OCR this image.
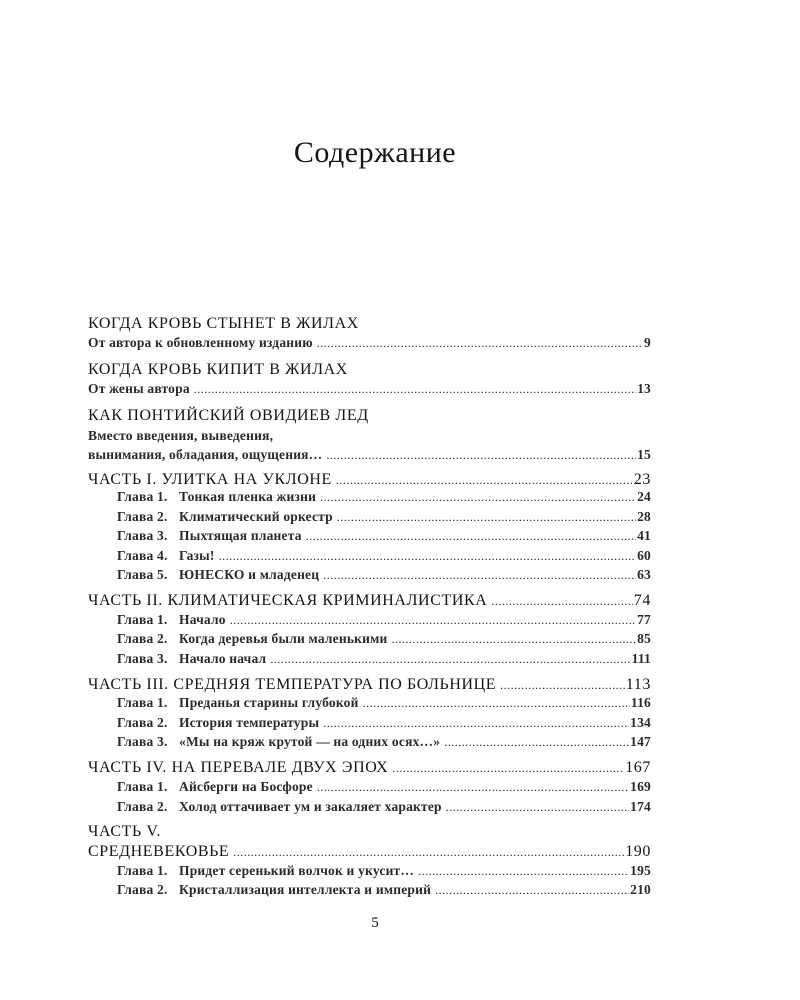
Содержание
КОГДА КРОВЬ СТЫНЕТ В ЖИЛАХ
От автора к обновленному изданию .....	9
КОГДА КРОВЬ КИПИТ В ЖИЛАХ
От жены автора .....	13
КАК ПОНТИЙСКИЙ ОВИДИЕВ ЛЕД
Вместо введения, выведения,
вынимания, обладания, ощущения… .....	15
ЧАСТЬ I. УЛИТКА НА УКЛОНЕ .....	23
Глава 1. Тонкая пленка жизни .....	24
Глава 2. Климатический оркестр .....	28
Глава 3. Пыхтящая планета .....	41
Глава 4. Газы! .....	60
Глава 5. ЮНЕСКО и младенец .....	63
ЧАСТЬ II. КЛИМАТИЧЕСКАЯ КРИМИНАЛИСТИКА .....	74
Глава 1. Начало .....	77
Глава 2. Когда деревья были маленькими .....	85
Глава 3. Начало начал .....	111
ЧАСТЬ III. СРЕДНЯЯ ТЕМПЕРАТУРА ПО БОЛЬНИЦЕ .....	113
Глава 1. Преданья старины глубокой .....	116
Глава 2. История температуры .....	134
Глава 3. «Мы на кряж крутой — на одних осях…» .....	147
ЧАСТЬ IV. НА ПЕРЕВАЛЕ ДВУХ ЭПОХ .....	167
Глава 1. Айсберги на Босфоре .....	169
Глава 2. Холод оттачивает ум и закаляет характер .....	174
ЧАСТЬ V.
СРЕДНЕВЕКОВЬЕ .....	190
Глава 1. Придет серенький волчок и укусит… .....	195
Глава 2. Кристаллизация интеллекта и империй .....	210
5
